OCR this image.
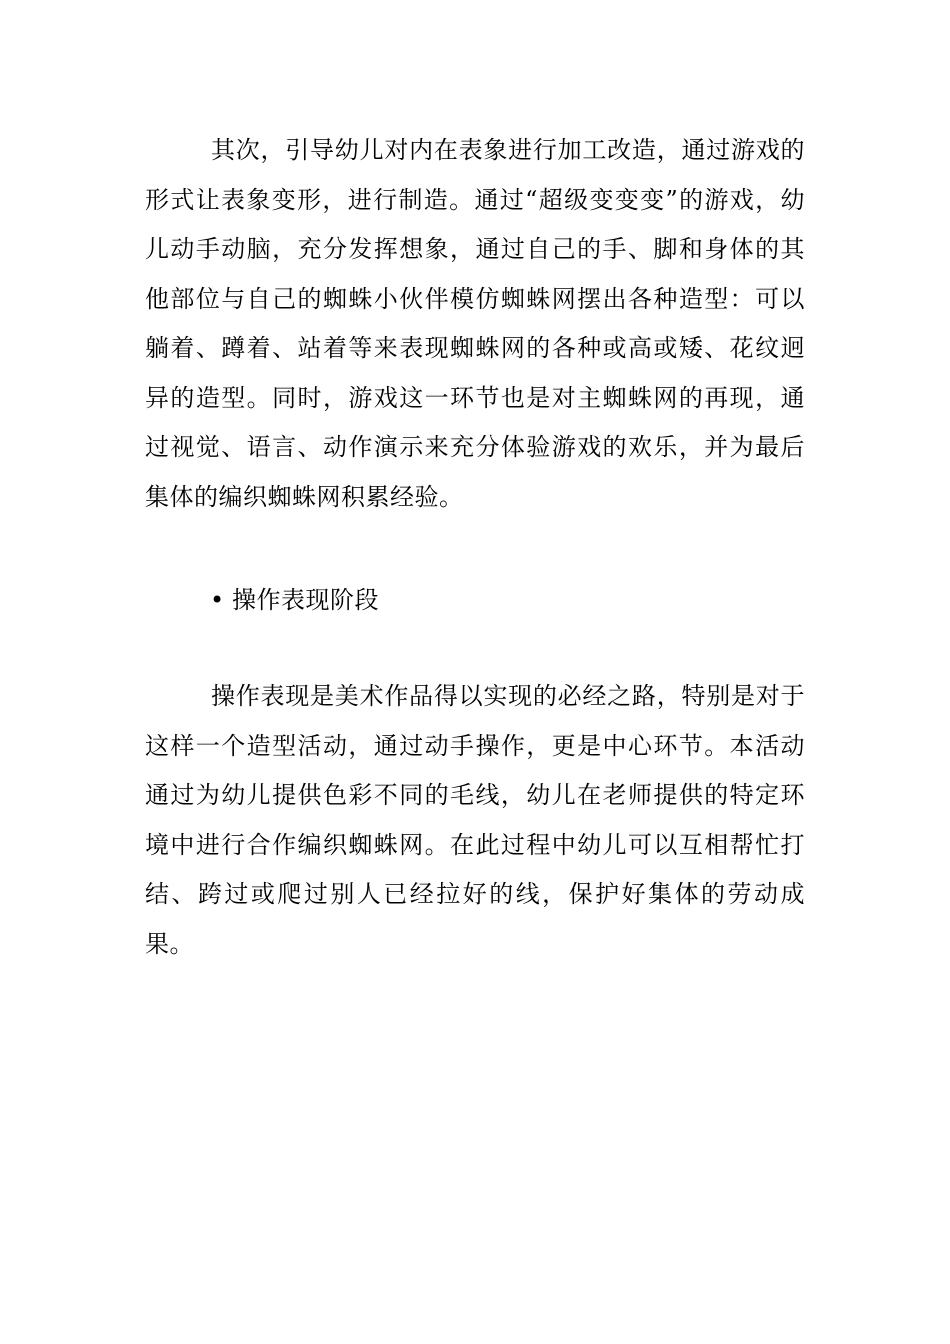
其次，引导幼儿对内在表象进行加工改造，通过游戏的形式让表象变形，进行制造。通过“超级变变变”的游戏，幼儿动手动脑，充分发挥想象，通过自己的手、脚和身体的其他部位与自己的蜘蛛小伙伴模仿蜘蛛网摆出各种造型：可以躺着、蹲着、站着等来表现蜘蛛网的各种或高或矮、花纹迥异的造型。同时，游戏这一环节也是对主蜘蛛网的再现，通过视觉、语言、动作演示来充分体验游戏的欢乐，并为最后集体的编织蜘蛛网积累经验。

• 操作表现阶段

操作表现是美术作品得以实现的必经之路，特别是对于这样一个造型活动，通过动手操作，更是中心环节。本活动通过为幼儿提供色彩不同的毛线，幼儿在老师提供的特定环境中进行合作编织蜘蛛网。在此过程中幼儿可以互相帮忙打结、跨过或爬过别人已经拉好的线，保护好集体的劳动成果。
